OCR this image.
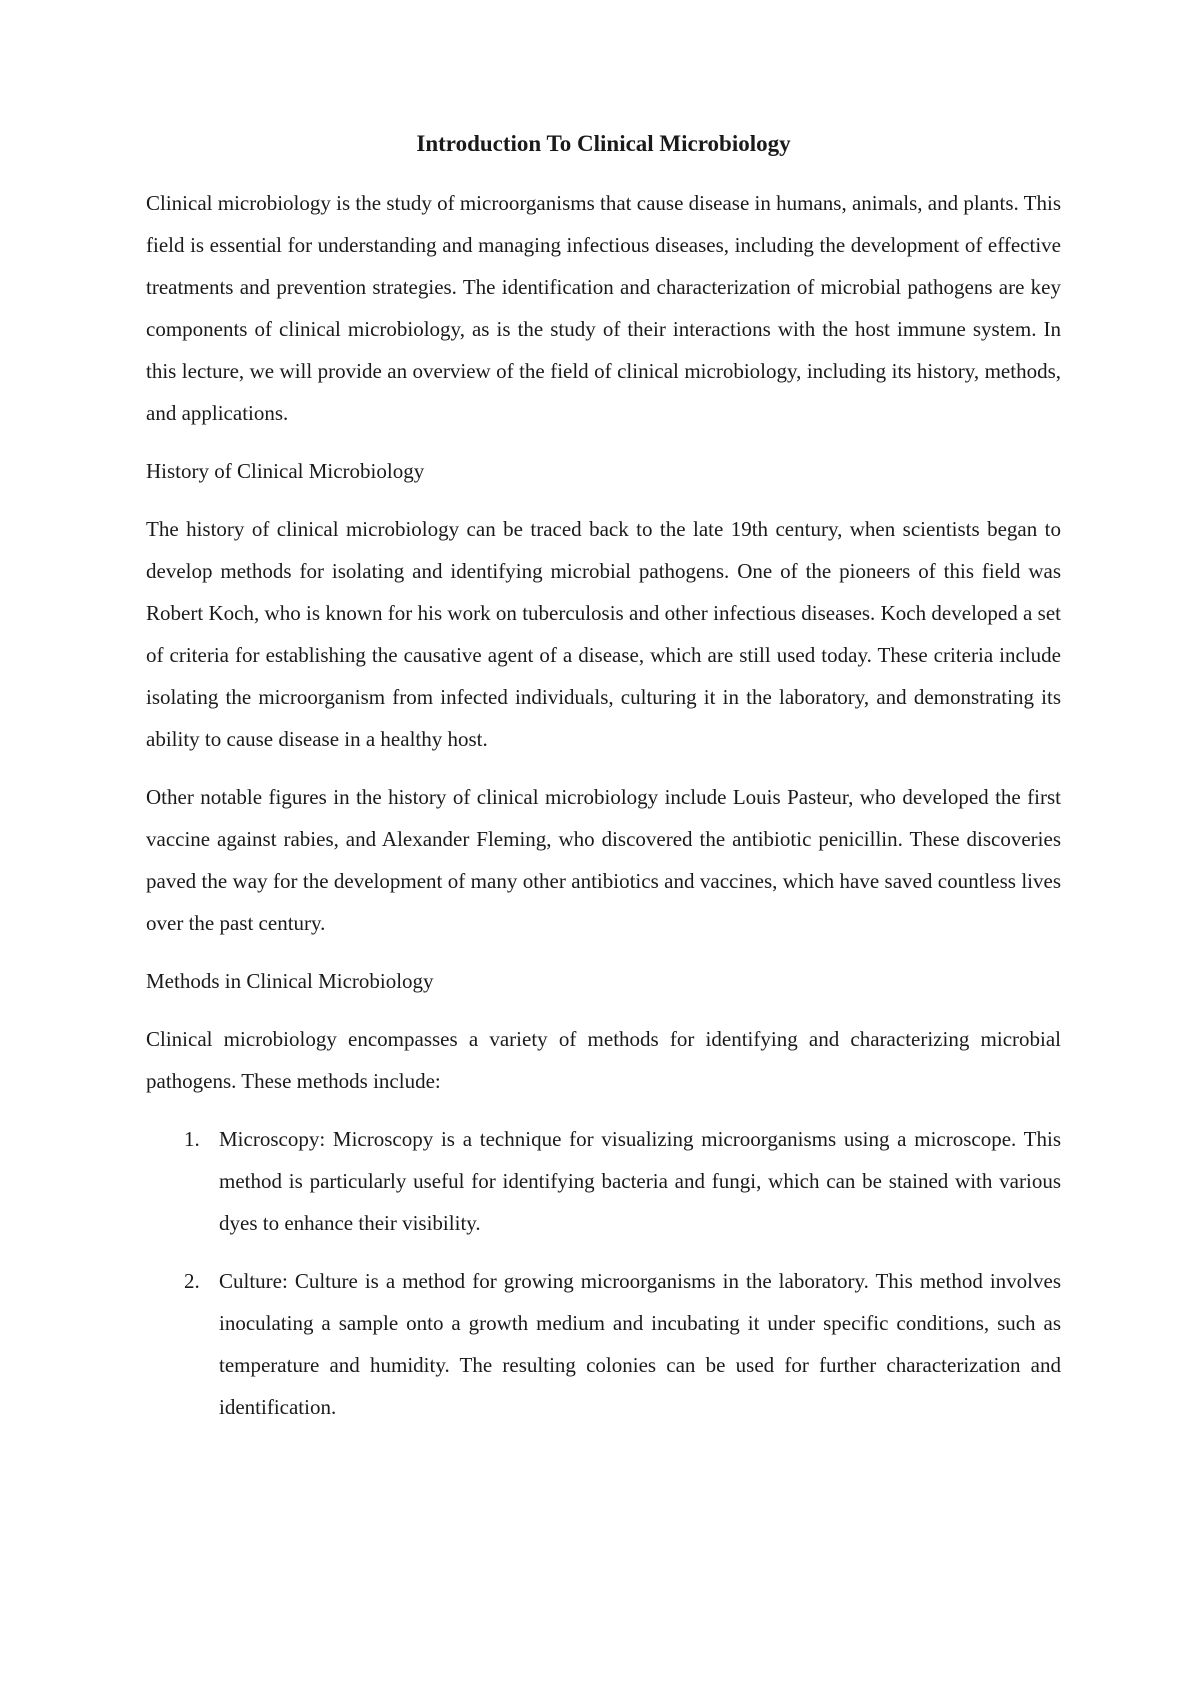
Introduction To Clinical Microbiology

Clinical microbiology is the study of microorganisms that cause disease in humans, animals, and plants. This field is essential for understanding and managing infectious diseases, including the development of effective treatments and prevention strategies. The identification and characterization of microbial pathogens are key components of clinical microbiology, as is the study of their interactions with the host immune system. In this lecture, we will provide an overview of the field of clinical microbiology, including its history, methods, and applications.

History of Clinical Microbiology

The history of clinical microbiology can be traced back to the late 19th century, when scientists began to develop methods for isolating and identifying microbial pathogens. One of the pioneers of this field was Robert Koch, who is known for his work on tuberculosis and other infectious diseases. Koch developed a set of criteria for establishing the causative agent of a disease, which are still used today. These criteria include isolating the microorganism from infected individuals, culturing it in the laboratory, and demonstrating its ability to cause disease in a healthy host.

Other notable figures in the history of clinical microbiology include Louis Pasteur, who developed the first vaccine against rabies, and Alexander Fleming, who discovered the antibiotic penicillin. These discoveries paved the way for the development of many other antibiotics and vaccines, which have saved countless lives over the past century.

Methods in Clinical Microbiology

Clinical microbiology encompasses a variety of methods for identifying and characterizing microbial pathogens. These methods include:

1. Microscopy: Microscopy is a technique for visualizing microorganisms using a microscope. This method is particularly useful for identifying bacteria and fungi, which can be stained with various dyes to enhance their visibility.

2. Culture: Culture is a method for growing microorganisms in the laboratory. This method involves inoculating a sample onto a growth medium and incubating it under specific conditions, such as temperature and humidity. The resulting colonies can be used for further characterization and identification.
